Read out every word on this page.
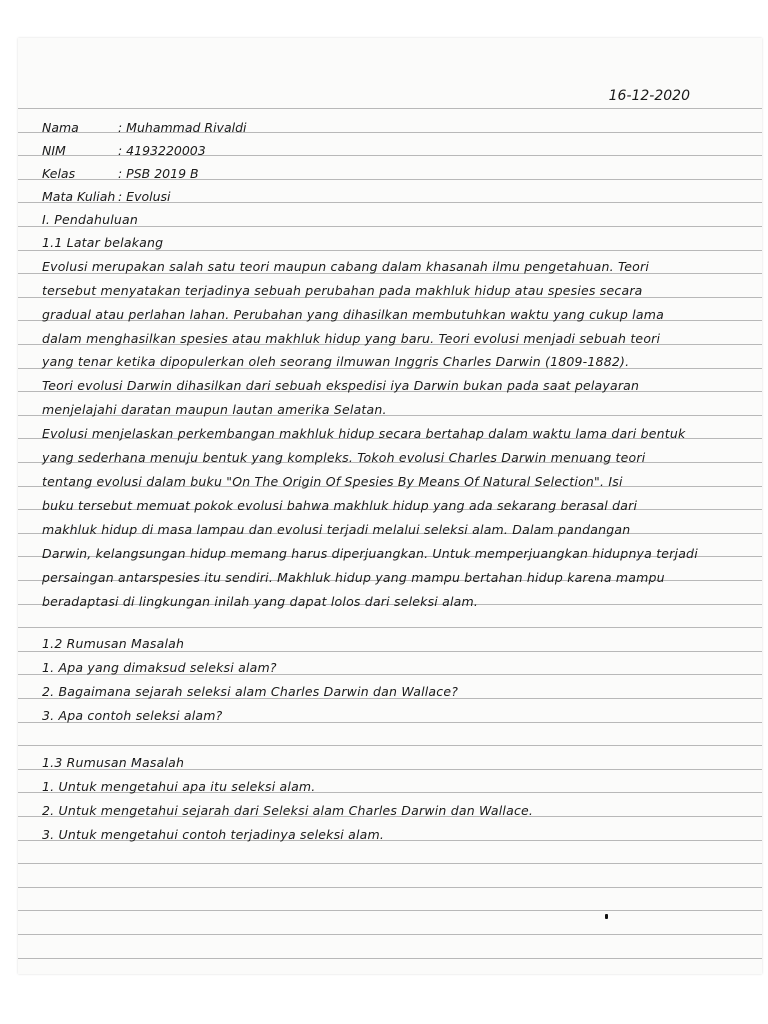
16-12-2020
Nama	: Muhammad Rivaldi
NIM	: 4193220003
Kelas	: PSB 2019 B
Mata Kuliah : Evolusi
I. Pendahuluan
1.1 Latar belakang
Evolusi merupakan salah satu teori maupun cabang dalam khasanah ilmu pengetahuan. Teori
tersebut menyatakan terjadinya sebuah perubahan pada makhluk hidup atau spesies secara
gradual atau perlahan lahan. Perubahan yang dihasilkan membutuhkan waktu yang cukup lama
dalam menghasilkan spesies atau makhluk hidup yang baru. Teori evolusi menjadi sebuah teori
yang tenar ketika dipopulerkan oleh seorang ilmuwan Inggris Charles Darwin (1809-1882).
Teori evolusi Darwin dihasilkan dari sebuah ekspedisi iya Darwin bukan pada saat pelayaran
menjelajahi daratan maupun lautan amerika Selatan.
Evolusi menjelaskan perkembangan makhluk hidup secara bertahap dalam waktu lama dari bentuk
yang sederhana menuju bentuk yang kompleks. Tokoh evolusi Charles Darwin menuang teori
tentang evolusi dalam buku "On The Origin Of Spesies By Means Of Natural Selection". Isi
buku tersebut memuat pokok evolusi bahwa makhluk hidup yang ada sekarang berasal dari
makhluk hidup di masa lampau dan evolusi terjadi melalui seleksi alam. Dalam pandangan
Darwin, kelangsungan hidup memang harus diperjuangkan. Untuk memperjuangkan hidupnya terjadi
persaingan antarspesies itu sendiri. Makhluk hidup yang mampu bertahan hidup karena mampu
beradaptasi di lingkungan inilah yang dapat lolos dari seleksi alam.
1.2 Rumusan Masalah
1. Apa yang dimaksud seleksi alam?
2. Bagaimana sejarah seleksi alam Charles Darwin dan Wallace?
3. Apa contoh seleksi alam?
1.3 Rumusan Masalah
1. Untuk mengetahui apa itu seleksi alam.
2. Untuk mengetahui sejarah dari Seleksi alam Charles Darwin dan Wallace.
3. Untuk mengetahui contoh terjadinya seleksi alam.
